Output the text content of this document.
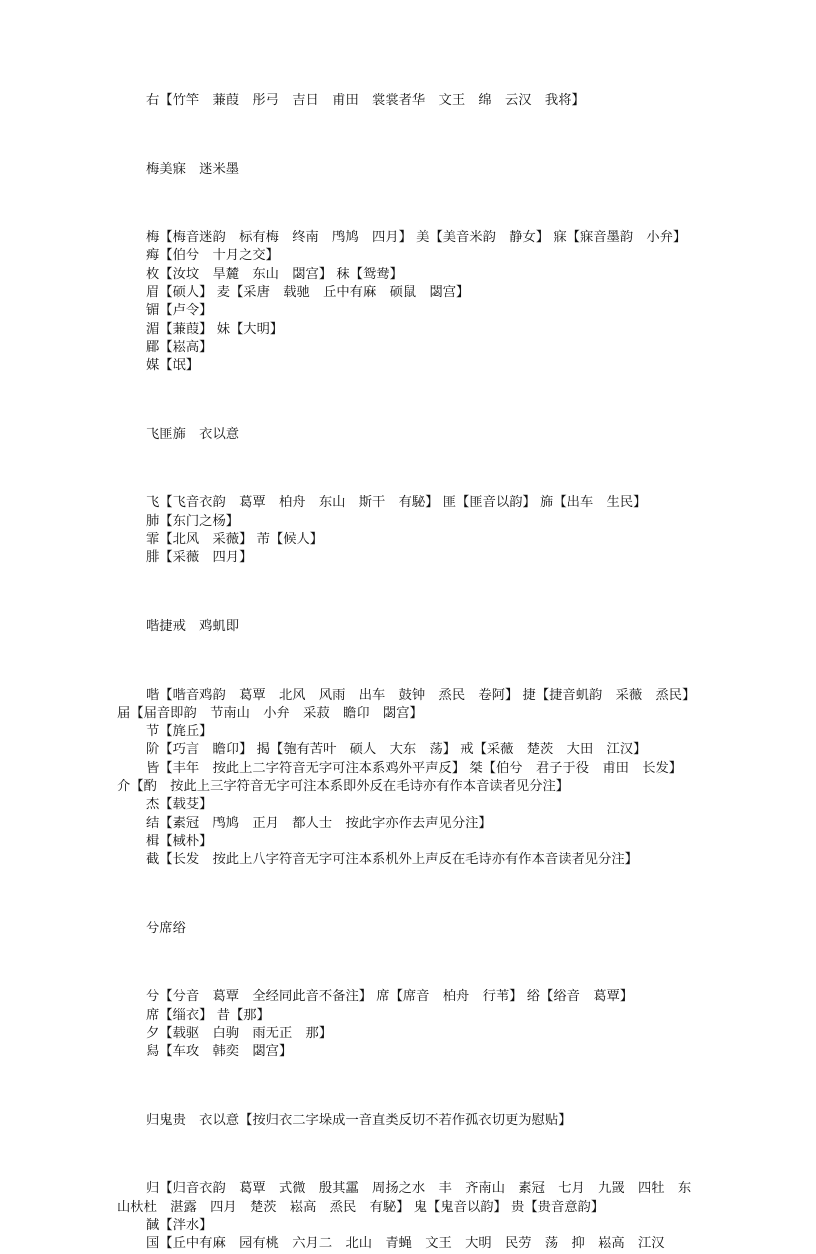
右【竹竿　蒹葭　彤弓　吉日　甫田　裳裳者华　文王　绵　云汉　我将】

梅美寐　迷米墨

梅【梅音迷韵　标有梅　终南　鸤鸠　四月】 美【美音米韵　静女】 寐【寐音墨韵　小弁】

痗【伯兮　十月之交】

枚【汝坟　旱麓　东山　閟宫】 秣【鸳鸯】

眉【硕人】 麦【采唐　载驰　丘中有麻　硕鼠　閟宫】

镅【卢令】

湄【蒹葭】 妹【大明】

郿【崧高】

媒【氓】

飞匪旆　衣以意

飞【飞音衣韵　葛覃　柏舟　东山　斯干　有駜】 匪【匪音以韵】 旆【出车　生民】

肺【东门之杨】

霏【北风　采薇】 芾【候人】

腓【采薇　四月】

喈捷戒　鸡虮即

喈【喈音鸡韵　葛覃　北风　风雨　出车　鼓钟　烝民　卷阿】 捷【捷音虮韵　采薇　烝民】 届【届音即韵　节南山　小弁　采菽　瞻卬　閟宫】

节【旄丘】

阶【巧言　瞻卬】 揭【匏有苦叶　硕人　大东　荡】 戒【采薇　楚茨　大田　江汉】

皆【丰年　按此上二字符音无字可注本系鸡外平声反】 桀【伯兮　君子于役　甫田　长发】 介【酌　按此上三字符音无字可注本系即外反在毛诗亦有作本音读者见分注】

杰【载芟】

结【素冠　鸤鸠　正月　都人士　按此字亦作去声见分注】

楫【棫朴】

截【长发　按此上八字符音无字可注本系机外上声反在毛诗亦有作本音读者见分注】

兮席绤

兮【兮音　葛覃　全经同此音不备注】 席【席音　柏舟　行苇】 绤【绤音　葛覃】

席【缁衣】 昔【那】

夕【载驱　白驹　雨无正　那】

舄【车攻　韩奕　閟宫】

归鬼贵　衣以意【按归衣二字垛成一音直类反切不若作孤衣切更为慰贴】

归【归音衣韵　葛覃　式微　殷其靁　周扬之水　丰　齐南山　素冠　七月　九罭　四牡　东山杕杜　湛露　四月　楚茨　崧高　烝民　有駜】 鬼【鬼音以韵】 贵【贵音意韵】

馘【泮水】

国【丘中有麻　园有桃　六月二　北山　青蝇　文王　大明　民劳　荡　抑　崧高　江汉
